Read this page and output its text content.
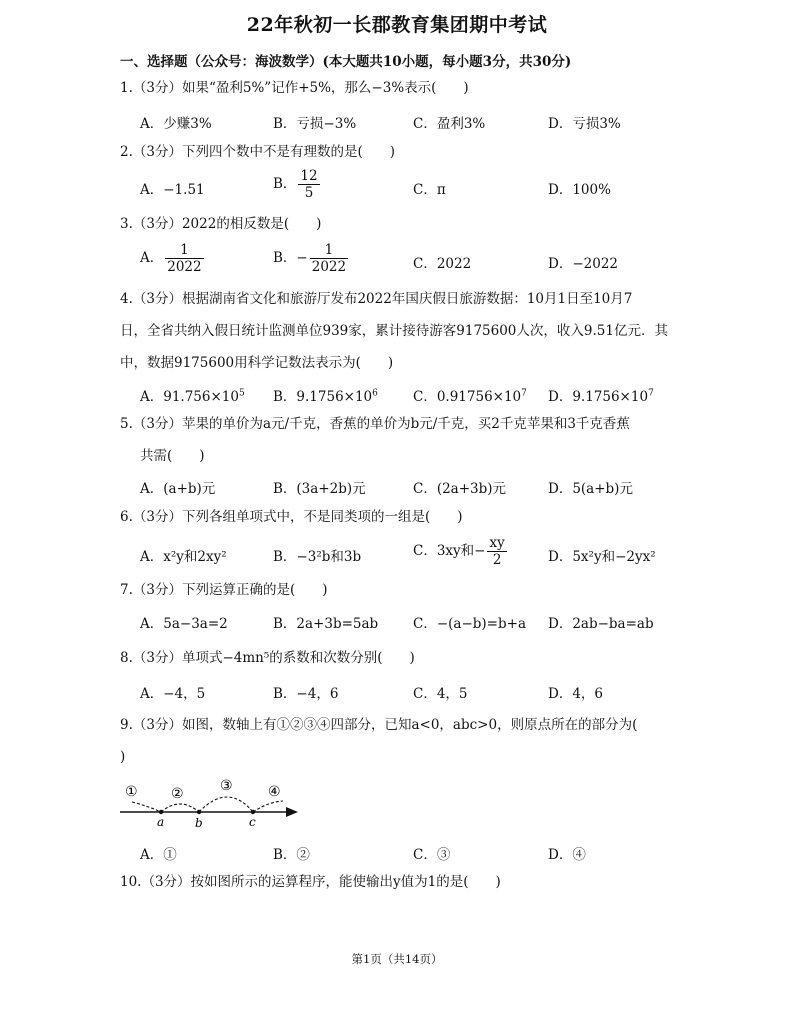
22年秋初一长郡教育集团期中考试
一、选择题（公众号：海波数学）(本大题共10小题，每小题3分，共30分)
1.（3分）如果“盈利5%”记作+5%，那么−3%表示(　　)
A．少赚3%	B．亏损−3%	C．盈利3%	D．亏损3%
2.（3分）下列四个数中不是有理数的是(　　)
A．−1.51	B． $\frac{12}{5}$	C．π	D．100%
3.（3分）2022的相反数是(　　)
A． $\frac{1}{2022}$	B．− $\frac{1}{2022}$	C．2022	D．−2022
4.（3分）根据湖南省文化和旅游厅发布2022年国庆假日旅游数据：10月1日至10月7
日，全省共纳入假日统计监测单位939家，累计接待游客9175600人次，收入9.51亿元．其
中，数据9175600用科学记数法表示为(　　)
A．$91.756\times 10^5$ B．$9.1756\times 10^6$	C．$0.91756\times 10^7$ D．$9.1756\times 10^7$
5.（3分）苹果的单价为a元/千克，香蕉的单价为b元/千克，买2千克苹果和3千克香蕉
共需(　　)
A．(a+b)元	B．(3a+2b)元	C．(2a+3b)元	D．5(a+b)元
6.（3分）下列各组单项式中，不是同类项的一组是(　　)
A．x²y和2xy²	B．−3²b和3b	C．3xy和− $\frac{xy}{2}$	D．5x²y和−2yx²
7.（3分）下列运算正确的是(　　)
A．5a−3a=2	B．2a+3b=5ab	C．−(a−b)=b+a D．2ab−ba=ab
8.（3分）单项式−4mn⁵的系数和次数分别(　　)
A．−4，5	B．−4，6	C．4，5	D．4，6
9.（3分）如图，数轴上有①②③④四部分，已知a<0，abc>0，则原点所在的部分为(
)
① ②	③	④
a	b	c
A．①	B．②	C．③	D．④
10.（3分）按如图所示的运算程序，能使输出y值为1的是(　　)
第1页（共14页）
